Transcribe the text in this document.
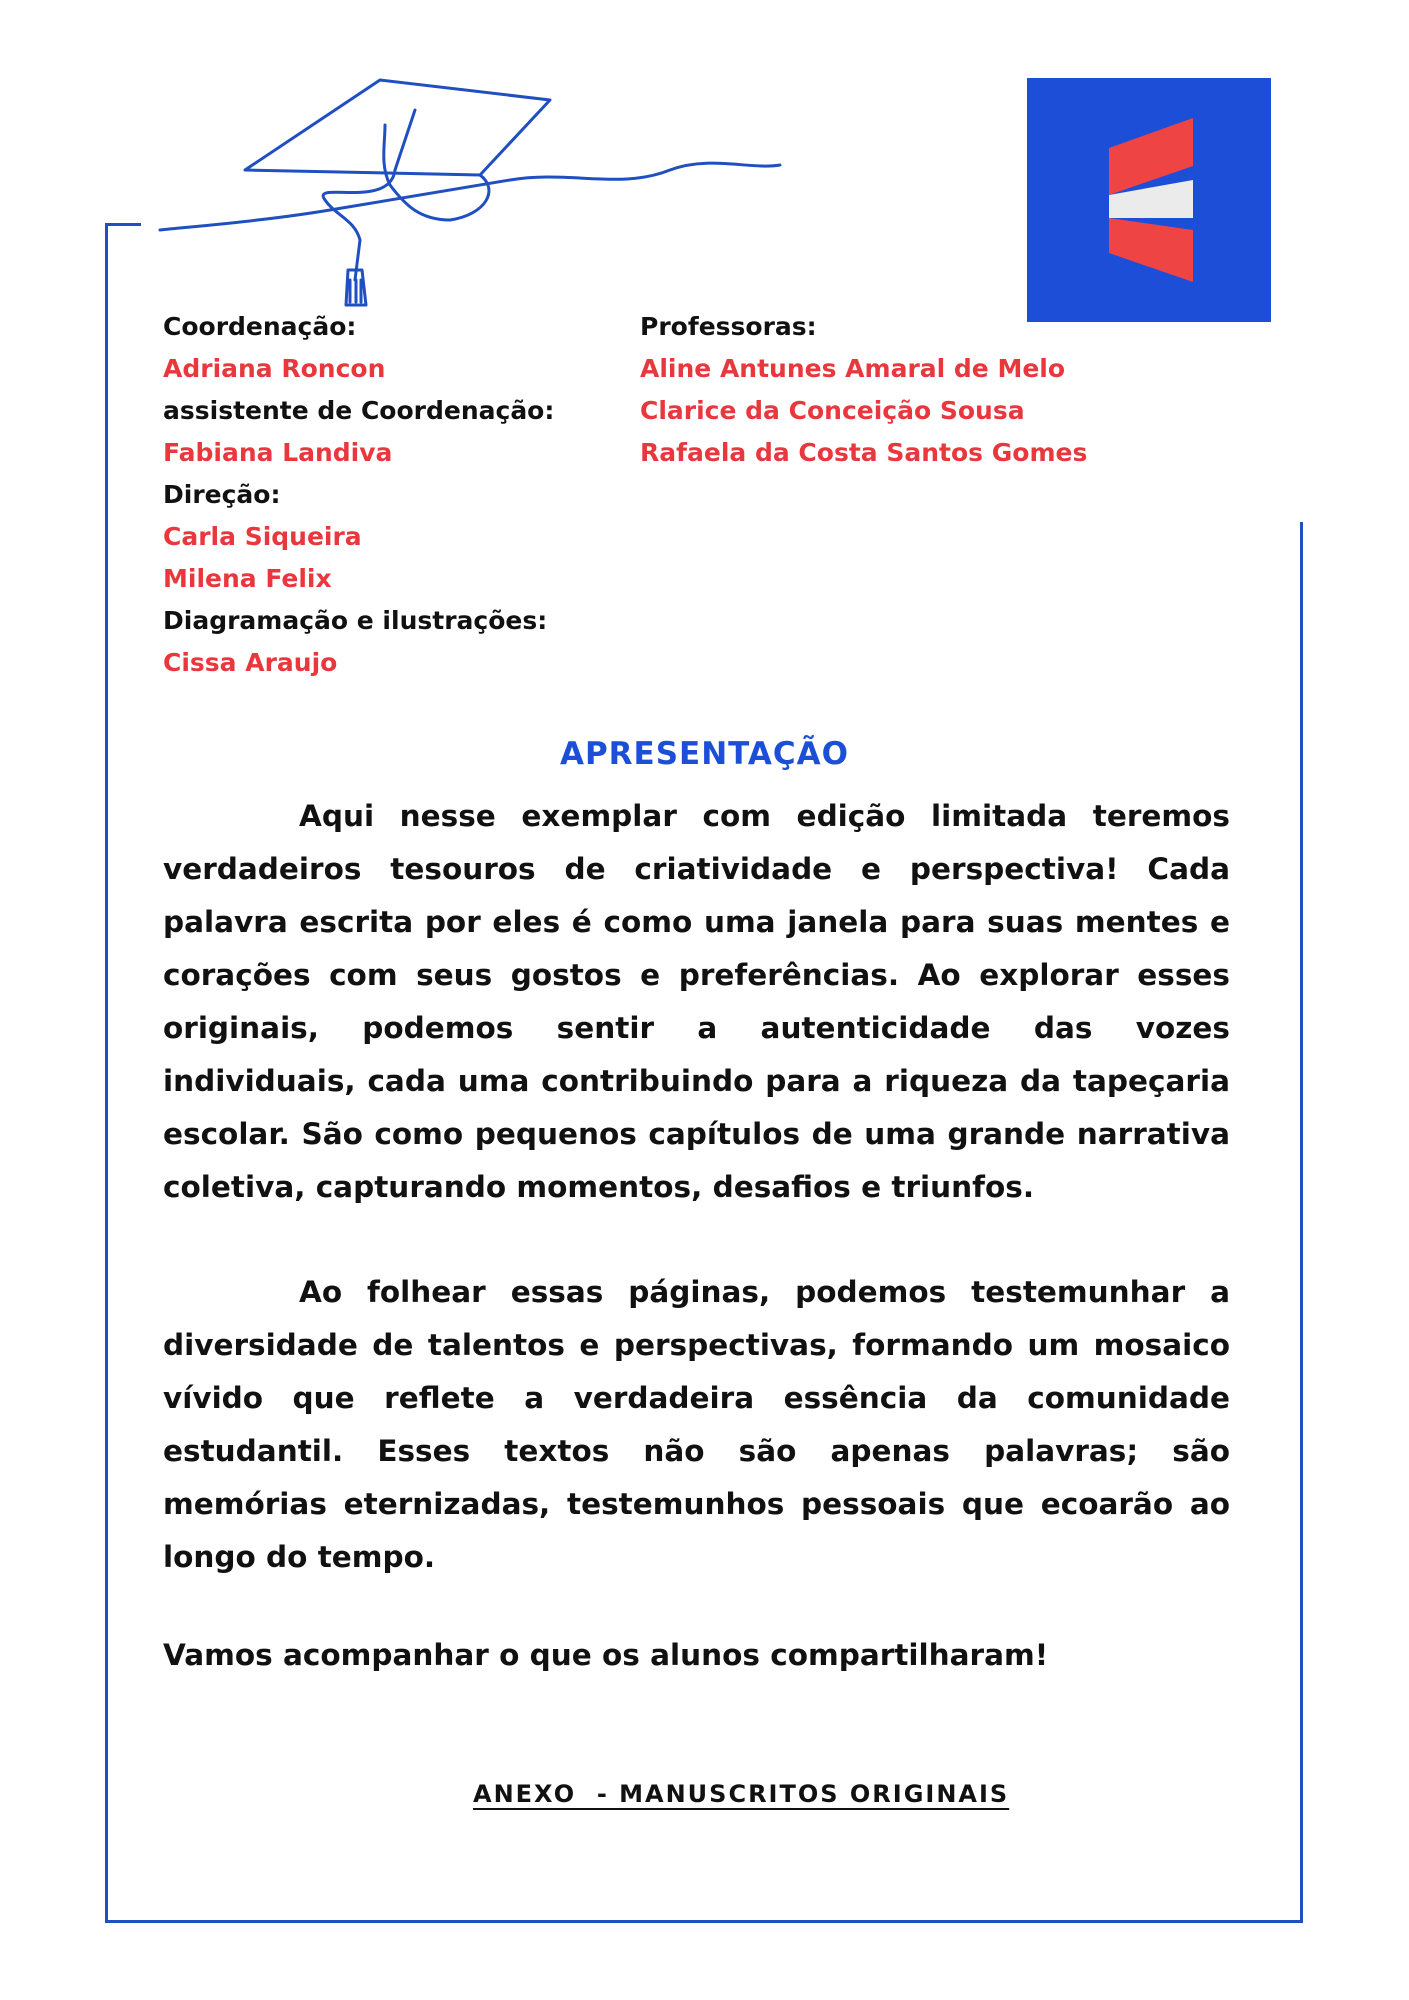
Coordenação:
Adriana Roncon
assistente de Coordenação:
Fabiana Landiva
Direção:
Carla Siqueira
Milena Felix
Diagramação e ilustrações:
Cissa Araujo
Professoras:
Aline Antunes Amaral de Melo
Clarice da Conceição Sousa
Rafaela da Costa Santos Gomes
APRESENTAÇÃO

Aqui nesse exemplar com edição limitada teremos verdadeiros tesouros de criatividade e perspectiva! Cada palavra escrita por eles é como uma janela para suas mentes e corações com seus gostos e preferências. Ao explorar esses originais, podemos sentir a autenticidade das vozes individuais, cada uma contribuindo para a riqueza da tapeçaria escolar. São como pequenos capítulos de uma grande narrativa coletiva, capturando momentos, desafios e triunfos.

Ao folhear essas páginas, podemos testemunhar a diversidade de talentos e perspectivas, formando um mosaico vívido que reflete a verdadeira essência da comunidade estudantil. Esses textos não são apenas palavras; são memórias eternizadas, testemunhos pessoais que ecoarão ao longo do tempo.

Vamos acompanhar o que os alunos compartilharam!
ANEXO  - MANUSCRITOS ORIGINAIS
